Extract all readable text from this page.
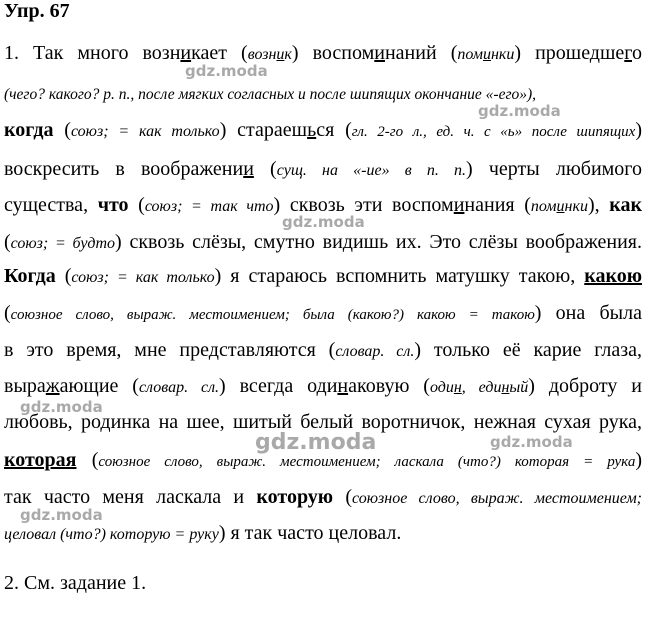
Упр. 67
1. Так много возникает (возник) воспоминаний (поминки) прошедшего
(чего? какого? р. п., после мягких согласных и после шипящих окончание «-его»),
когда (союз; = как только) стараешься (гл. 2-го л., ед. ч. с «ь» после шипящих)
воскресить в воображении (сущ. на «-ие» в п. п.) черты любимого
существа, что (союз; = так что) сквозь эти воспоминания (поминки), как
(союз; = будто) сквозь слёзы, смутно видишь их. Это слёзы воображения.
Когда (союз; = как только) я стараюсь вспомнить матушку такою, какою
(союзное слово, выраж. местоимением; была (какою?) какою = такою) она была
в это время, мне представляются (словар. сл.) только её карие глаза,
выражающие (словар. сл.) всегда одинаковую (один, единый) доброту и
любовь, родинка на шее, шитый белый воротничок, нежная сухая рука,
которая (союзное слово, выраж. местоимением; ласкала (что?) которая = рука)
так часто меня ласкала и которую (союзное слово, выраж. местоимением;
целовал (что?) которую = руку) я так часто целовал.
2. См. задание 1.
gdz.moda
gdz.moda
gdz.moda
gdz.moda
gdz.moda	gdz.moda
gdz.moda
